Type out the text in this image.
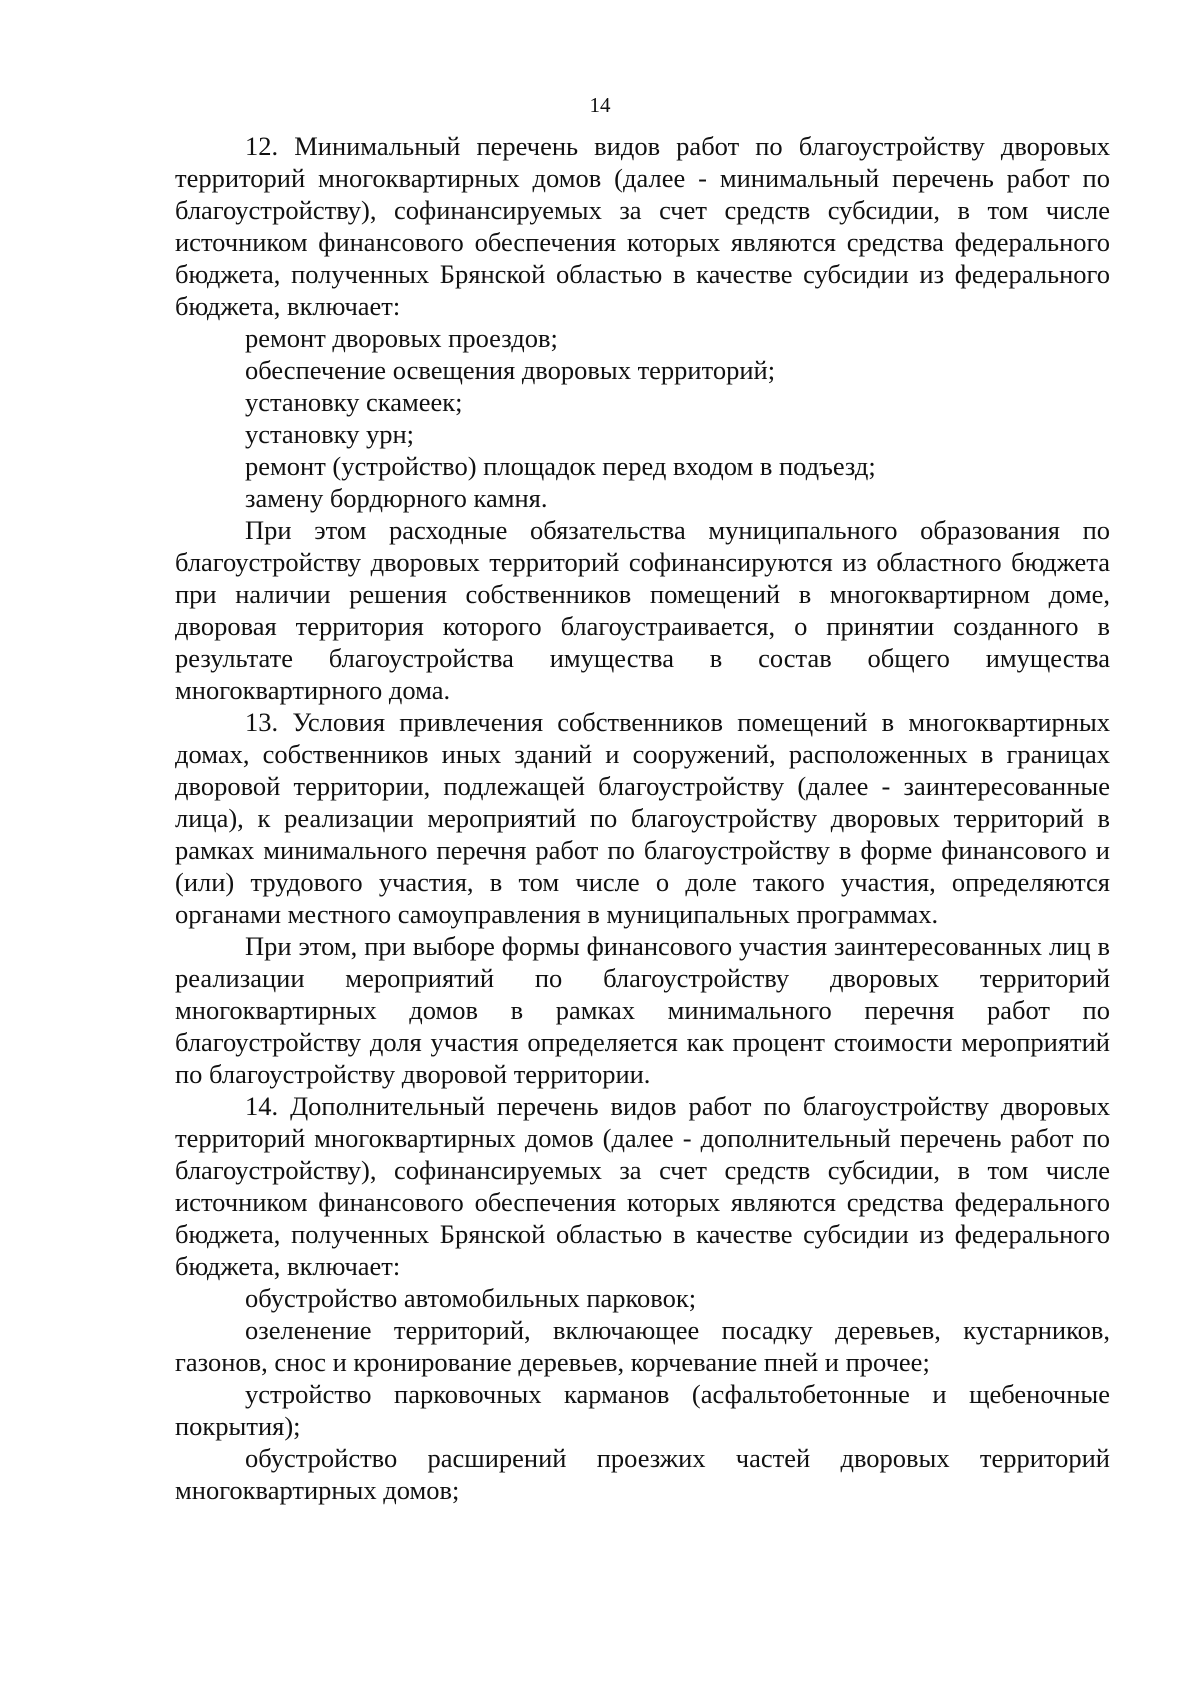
14

12. Минимальный перечень видов работ по благоустройству дворовых территорий многоквартирных домов (далее - минимальный перечень работ по благоустройству), софинансируемых за счет средств субсидии, в том числе источником финансового обеспечения которых являются средства федерального бюджета, полученных Брянской областью в качестве субсидии из федерального бюджета, включает:

ремонт дворовых проездов;

обеспечение освещения дворовых территорий;

установку скамеек;

установку урн;

ремонт (устройство) площадок перед входом в подъезд;

замену бордюрного камня.

При этом расходные обязательства муниципального образования по благоустройству дворовых территорий софинансируются из областного бюджета при наличии решения собственников помещений в многоквартирном доме, дворовая территория которого благоустраивается, о принятии созданного в результате благоустройства имущества в состав общего имущества многоквартирного дома.

13. Условия привлечения собственников помещений в многоквартирных домах, собственников иных зданий и сооружений, расположенных в границах дворовой территории, подлежащей благоустройству (далее - заинтересованные лица), к реализации мероприятий по благоустройству дворовых территорий в рамках минимального перечня работ по благоустройству в форме финансового и (или) трудового участия, в том числе о доле такого участия, определяются органами местного самоуправления в муниципальных программах.

При этом, при выборе формы финансового участия заинтересованных лиц в реализации мероприятий по благоустройству дворовых территорий многоквартирных домов в рамках минимального перечня работ по благоустройству доля участия определяется как процент стоимости мероприятий по благоустройству дворовой территории.

14. Дополнительный перечень видов работ по благоустройству дворовых территорий многоквартирных домов (далее - дополнительный перечень работ по благоустройству), софинансируемых за счет средств субсидии, в том числе источником финансового обеспечения которых являются средства федерального бюджета, полученных Брянской областью в качестве субсидии из федерального бюджета, включает:

обустройство автомобильных парковок;

озеленение территорий, включающее посадку деревьев, кустарников, газонов, снос и кронирование деревьев, корчевание пней и прочее;

устройство парковочных карманов (асфальтобетонные и щебеночные покрытия);

обустройство расширений проезжих частей дворовых территорий многоквартирных домов;
